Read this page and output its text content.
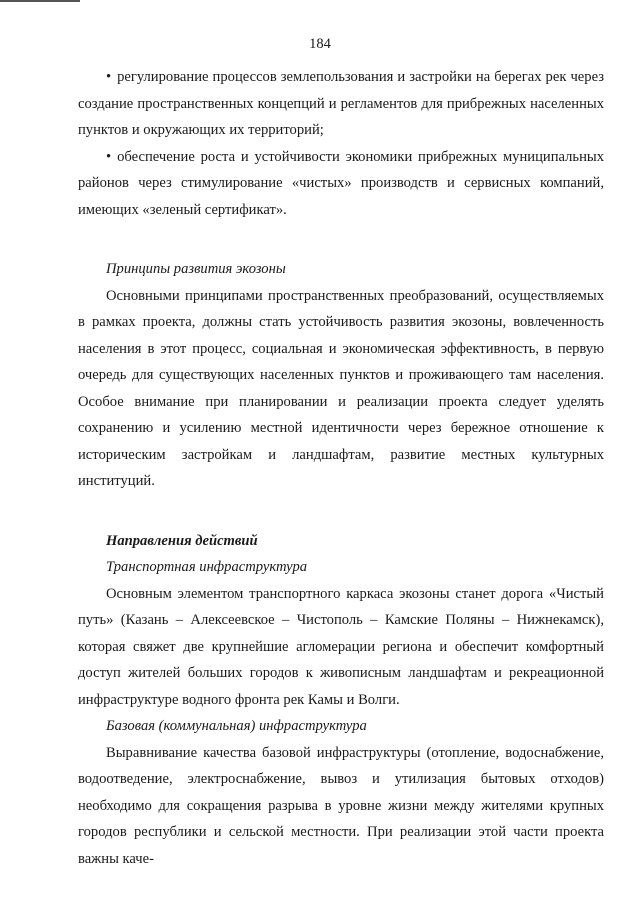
184

• регулирование процессов землепользования и застройки на берегах рек через создание пространственных концепций и регламентов для прибрежных населенных пунктов и окружающих их территорий;

• обеспечение роста и устойчивости экономики прибрежных муниципальных районов через стимулирование «чистых» производств и сервисных компаний, имеющих «зеленый сертификат».

Принципы развития экозоны

Основными принципами пространственных преобразований, осуществляемых в рамках проекта, должны стать устойчивость развития экозоны, вовлеченность населения в этот процесс, социальная и экономическая эффективность, в первую очередь для существующих населенных пунктов и проживающего там населения. Особое внимание при планировании и реализации проекта следует уделять сохранению и усилению местной идентичности через бережное отношение к историческим застройкам и ландшафтам, развитие местных культурных институций.

Направления действий

Транспортная инфраструктура

Основным элементом транспортного каркаса экозоны станет дорога «Чистый путь» (Казань – Алексеевское – Чистополь – Камские Поляны – Нижнекамск), которая свяжет две крупнейшие агломерации региона и обеспечит комфортный доступ жителей больших городов к живописным ландшафтам и рекреационной инфраструктуре водного фронта рек Камы и Волги.

Базовая (коммунальная) инфраструктура

Выравнивание качества базовой инфраструктуры (отопление, водоснабжение, водоотведение, электроснабжение, вывоз и утилизация бытовых отходов) необходимо для сокращения разрыва в уровне жизни между жителями крупных городов республики и сельской местности. При реализации этой части проекта важны каче-
